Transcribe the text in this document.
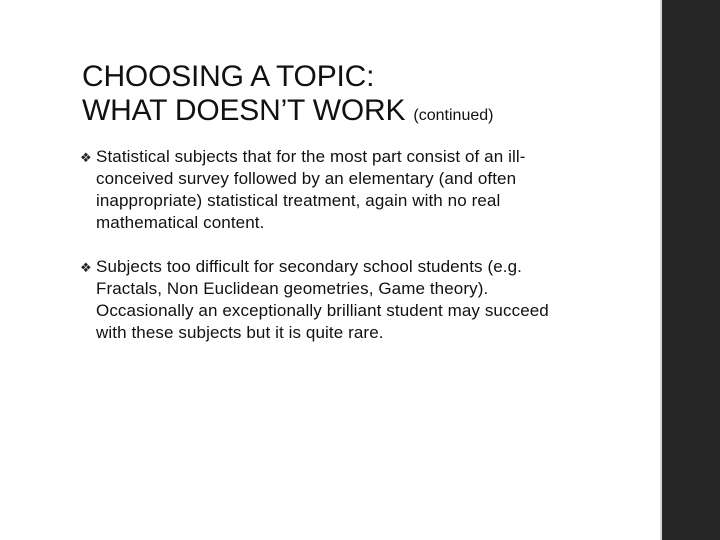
CHOOSING A TOPIC:
WHAT DOESN’T WORK (continued)
❖ Statistical subjects that for the most part consist of an ill-conceived survey followed by an elementary (and often inappropriate) statistical treatment, again with no real mathematical content.
❖ Subjects too difficult for secondary school students (e.g. Fractals, Non Euclidean geometries, Game theory). Occasionally an exceptionally brilliant student may succeed with these subjects but it is quite rare.
